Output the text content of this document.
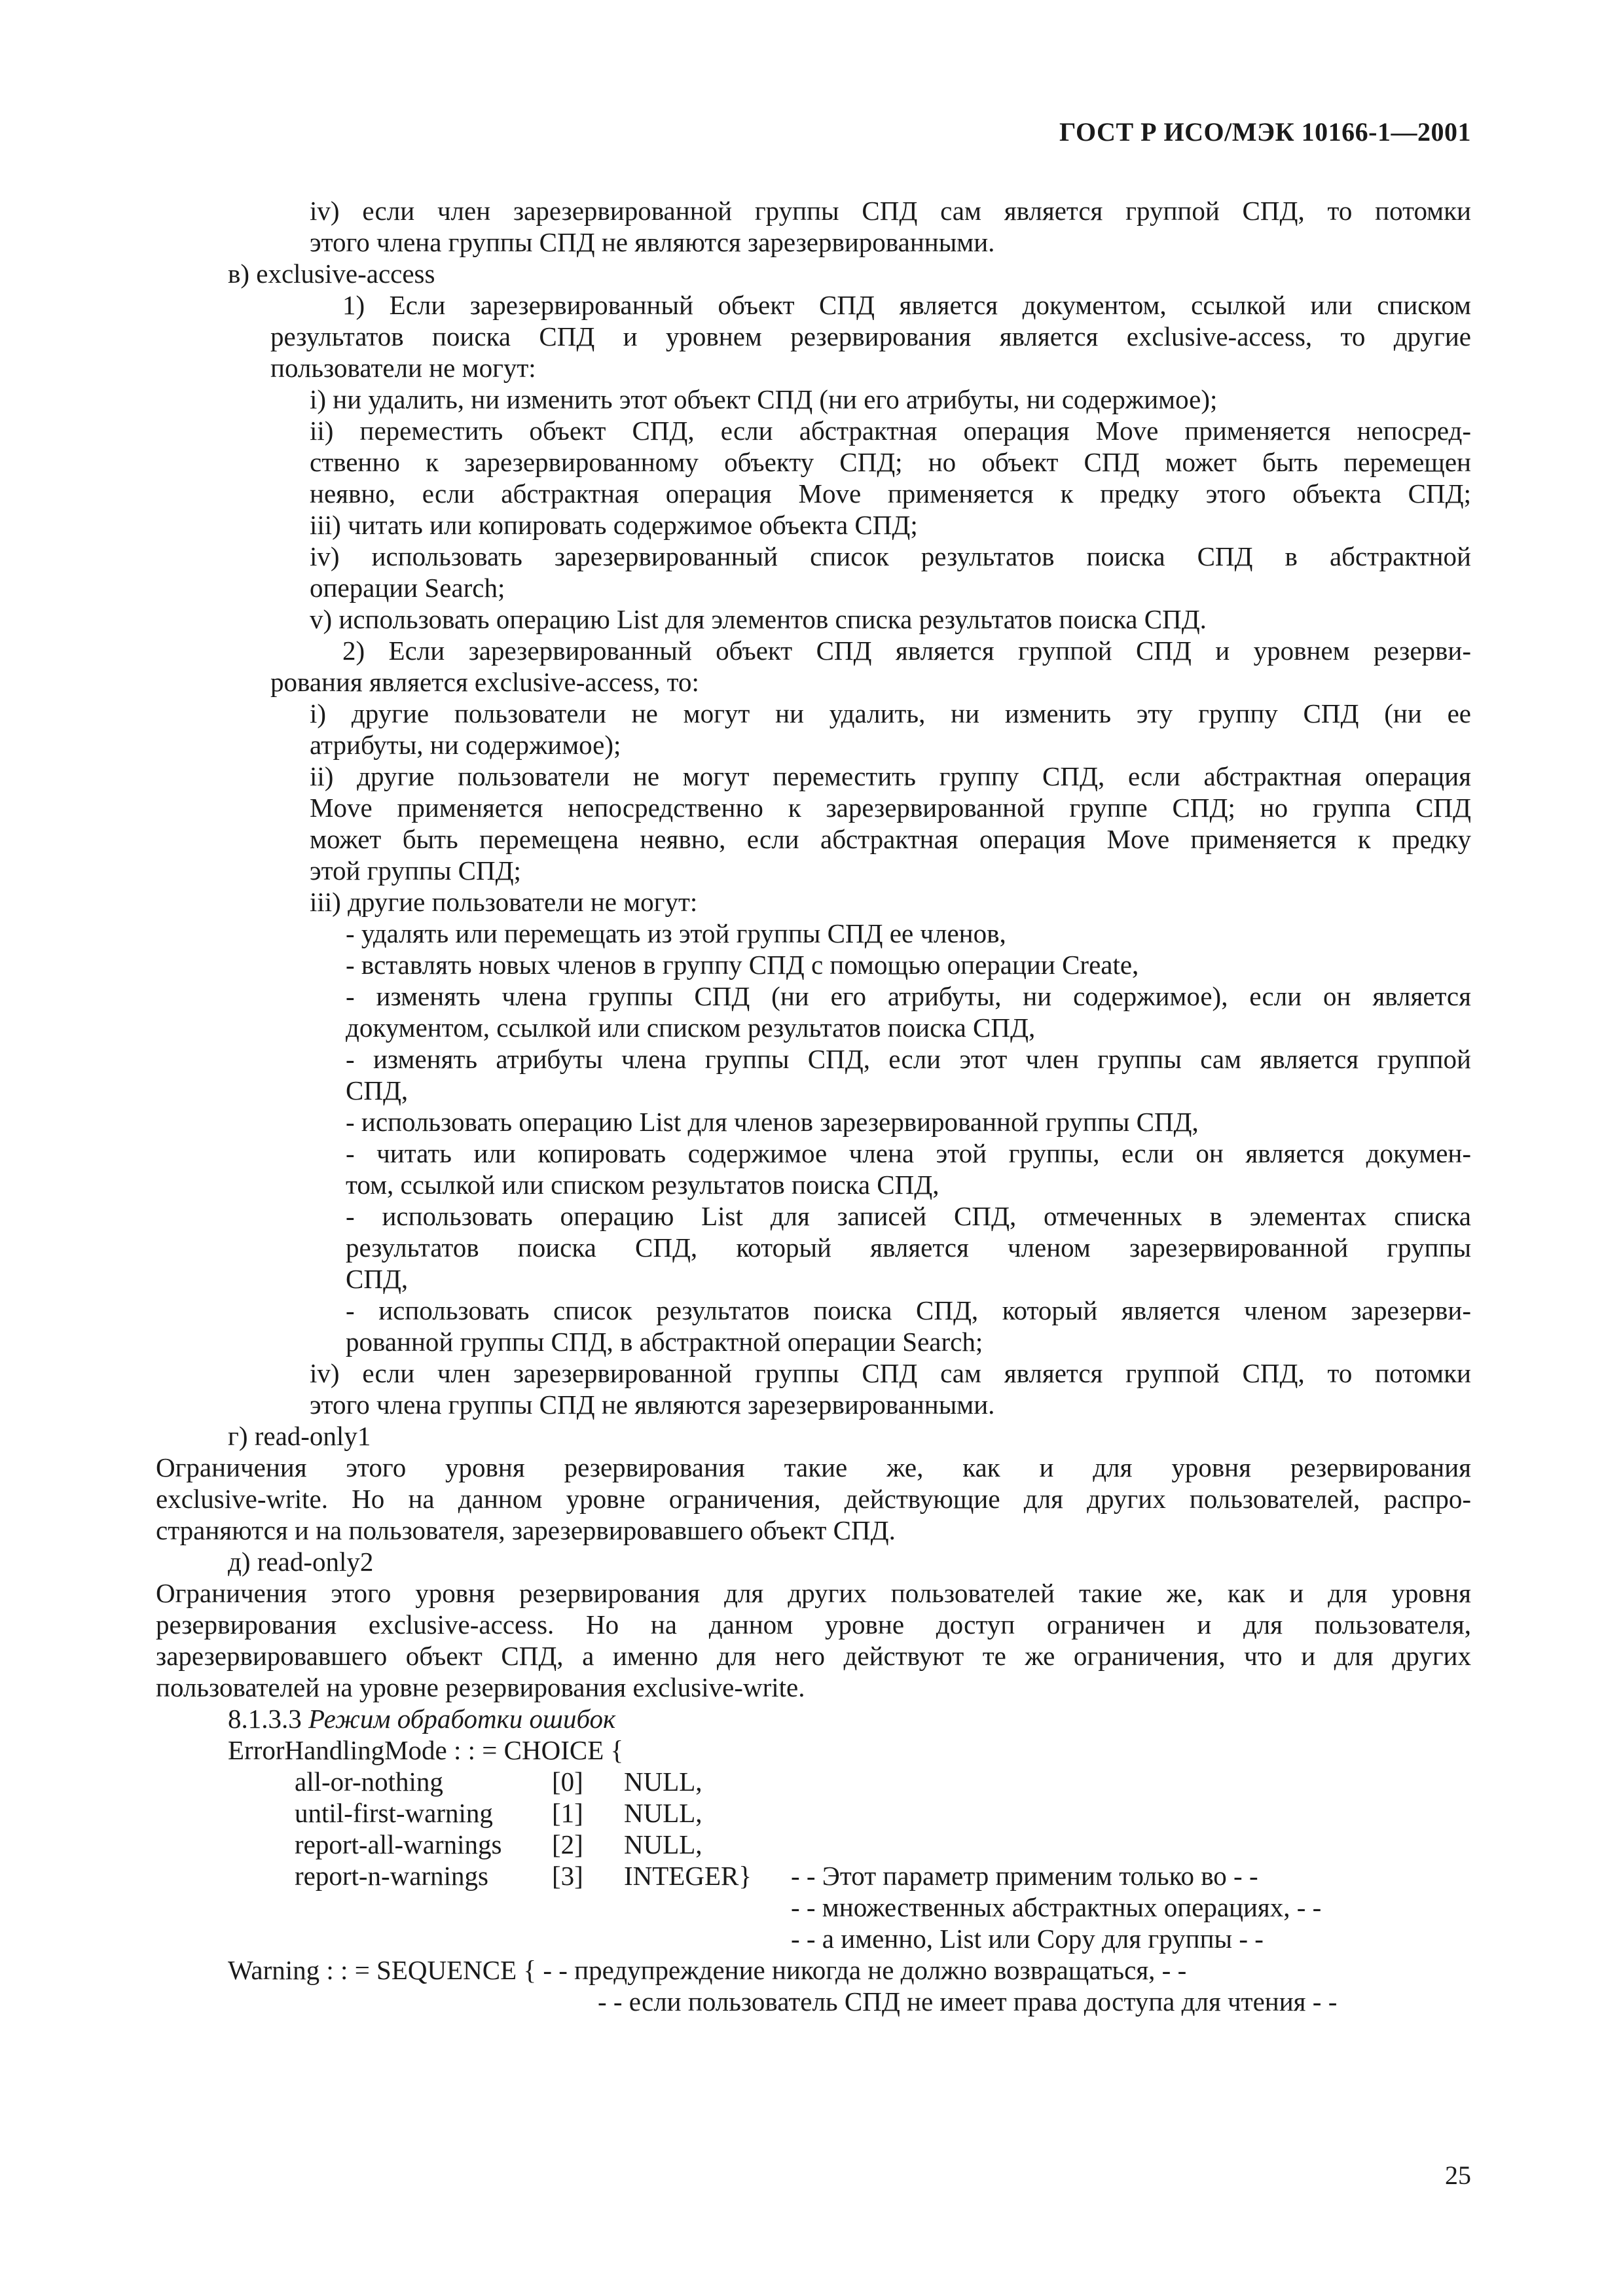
ГОСТ Р ИСО/МЭК 10166-1—2001
iv) если член зарезервированной группы СПД сам является группой СПД, то потомки
этого члена группы СПД не являются зарезервированными.
в) exclusive-access
1) Если зарезервированный объект СПД является документом, ссылкой или списком
результатов поиска СПД и уровнем резервирования является exclusive-access, то другие
пользователи не могут:
i) ни удалить, ни изменить этот объект СПД (ни его атрибуты, ни содержимое);
ii) переместить объект СПД, если абстрактная операция Move применяется непосред-
ственно к зарезервированному объекту СПД; но объект СПД может быть перемещен
неявно, если абстрактная операция Move применяется к предку этого объекта СПД;
iii) читать или копировать содержимое объекта СПД;
iv) использовать зарезервированный список результатов поиска СПД в абстрактной
операции Search;
v) использовать операцию List для элементов списка результатов поиска СПД.
2) Если зарезервированный объект СПД является группой СПД и уровнем резерви-
рования является exclusive-access, то:
i) другие пользователи не могут ни удалить, ни изменить эту группу СПД (ни ее
атрибуты, ни содержимое);
ii) другие пользователи не могут переместить группу СПД, если абстрактная операция
Move применяется непосредственно к зарезервированной группе СПД; но группа СПД
может быть перемещена неявно, если абстрактная операция Move применяется к предку
этой группы СПД;
iii) другие пользователи не могут:
- удалять или перемещать из этой группы СПД ее членов,
- вставлять новых членов в группу СПД с помощью операции Create,
- изменять члена группы СПД (ни его атрибуты, ни содержимое), если он является
документом, ссылкой или списком результатов поиска СПД,
- изменять атрибуты члена группы СПД, если этот член группы сам является группой
СПД,
- использовать операцию List для членов зарезервированной группы СПД,
- читать или копировать содержимое члена этой группы, если он является докумен-
том, ссылкой или списком результатов поиска СПД,
- использовать операцию List для записей СПД, отмеченных в элементах списка
результатов поиска СПД, который является членом зарезервированной группы
СПД,
- использовать список результатов поиска СПД, который является членом зарезерви-
рованной группы СПД, в абстрактной операции Search;
iv) если член зарезервированной группы СПД сам является группой СПД, то потомки
этого члена группы СПД не являются зарезервированными.
г) read-only1
Ограничения этого уровня резервирования такие же, как и для уровня резервирования
exclusive-write. Но на данном уровне ограничения, действующие для других пользователей, распро-
страняются и на пользователя, зарезервировавшего объект СПД.
д) read-only2
Ограничения этого уровня резервирования для других пользователей такие же, как и для уровня
резервирования exclusive-access. Но на данном уровне доступ ограничен и для пользователя,
зарезервировавшего объект СПД, а именно для него действуют те же ограничения, что и для других
пользователей на уровне резервирования exclusive-write.
8.1.3.3 Режим обработки ошибок
ErrorHandlingMode : : = CHOICE {
all-or-nothing	[0] NULL,
until-first-warning [1] NULL,
report-all-warnings [2] NULL,
report-n-warnings [3] INTEGER} - - Этот параметр применим только во - -
- - множественных абстрактных операциях, - -
- - а именно, List или Copy для группы - -
Warning : : = SEQUENCE { - - предупреждение никогда не должно возвращаться, - -
- - если пользователь СПД не имеет права доступа для чтения - -
25
